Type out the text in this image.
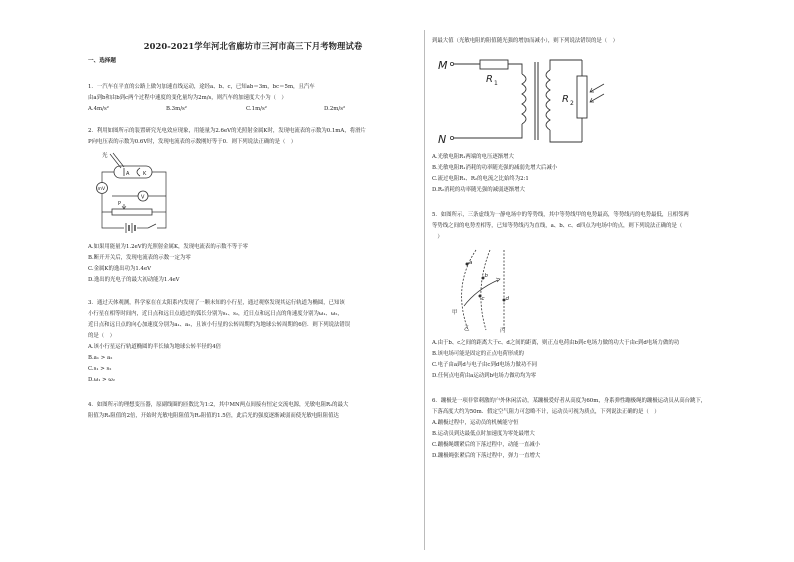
2020-2021学年河北省廊坊市三河市高三下月考物理试卷
一、选择题
1．一汽车在平直的公路上做匀加速直线运动，途经a、b、c，已知ab＝3m，bc＝5m，且汽车
由a到b和由b到c两个过程中速度的变化量均为2m/s，则汽车的加速度大小为（　）
A.4m/s²	B.3m/s²	C.1m/s²	D.2m/s²
2．利用如图所示的装置研究光电效应现象，用能量为2.6eV的光照射金属K时，发现电流表的示数为0.1mA，将滑片
P向电压表的示数为0.6V时，发现电流表的示数刚好等于0．则下列说法正确的是（　）
光
A	K
mV
V
P
A.如果用能量为1.2eV的光照射金属K，发现电流表的示数不等于零
B.断开开关后，发现电流表的示数一定为零
C.金属K的逸出功为1.4eV
D.逸出的光电子的最大初动能为1.4eV
3．通过天体观测，科学家在在太阳系内发现了一颗未知的小行星，通过观察发现其运行轨道为椭圆，已知该
小行星在相等时间内，近日点和远日点通过的弧长分别为s₁、s₂，近日点和远日点的角速度分别为ω₁、ω₂，
近日点和远日点的向心加速度分别为a₁、a₂，且该小行星的公转周期约为地球公转周期的6倍．则下列说法错误
的是（　）
A.该小行星运行轨道椭圆的半长轴为地球公转半径的4倍
B.a₁ > a₂
C.s₁ > s₂
D.ω₁ > ω₂
4．如图所示的理想变压器，原副线圈的匝数比为1:2，其中MN两点间接有恒定交流电源，光敏电阻R₁的最大
阻值为R₂阻值的2倍，开始时光敏电阻阻值为R₂阻值的1.5倍，此后光的强度逐渐减弱而使光敏电阻阻值达
到最大值（光敏电阻的阻值随光强的增加而减小），则下列说法错误的是（　）
M
N
R 1
R 2
A.光敏电阻R₁两端的电压逐渐增大
B.光敏电阻R₁消耗的功率随光强的减弱先增大后减小
C.流过电阻R₁、R₂的电流之比始终为2:1
D.R₂消耗的功率随光强的减弱逐渐增大
5．如图所示，三条虚线为一静电场中的等势线，其中等势线甲的电势最高，等势线丙的电势最低，且相邻两
等势线之间的电势差相等，已知等势线丙为直线，a、b、c、d四点为电场中的点，则下列说法正确的是（
　）
a
b
c	d
甲
乙	丙
A.由于b、c之间的距离大于c、d之间的距离，则正点电荷由b到c电场力做的功大于由c到d电场力做的功
B.该电场可能是固定的正点电荷形成的
C.电子由a到d与电子由c到d电场力做功不同
D.任何点电荷由a运动到b电场力做功均为零
6．蹦极是一项非常刺激的户外休闲活动，某蹦极爱好者从高度为60m，身系弹性蹦极绳的蹦极运动员从高台跳下，
下落高度大约为50m．假定空气阻力可忽略不计，运动员可视为质点，下列说法正确的是（　）
A.蹦极过程中，运动员的机械能守恒
B.运动员到达最低点时加速度为零处最增大
C.蹦极绳绷紧后的下落过程中，动能一直减小
D.蹦极绳张紧后的下落过程中，弹力一直增大
